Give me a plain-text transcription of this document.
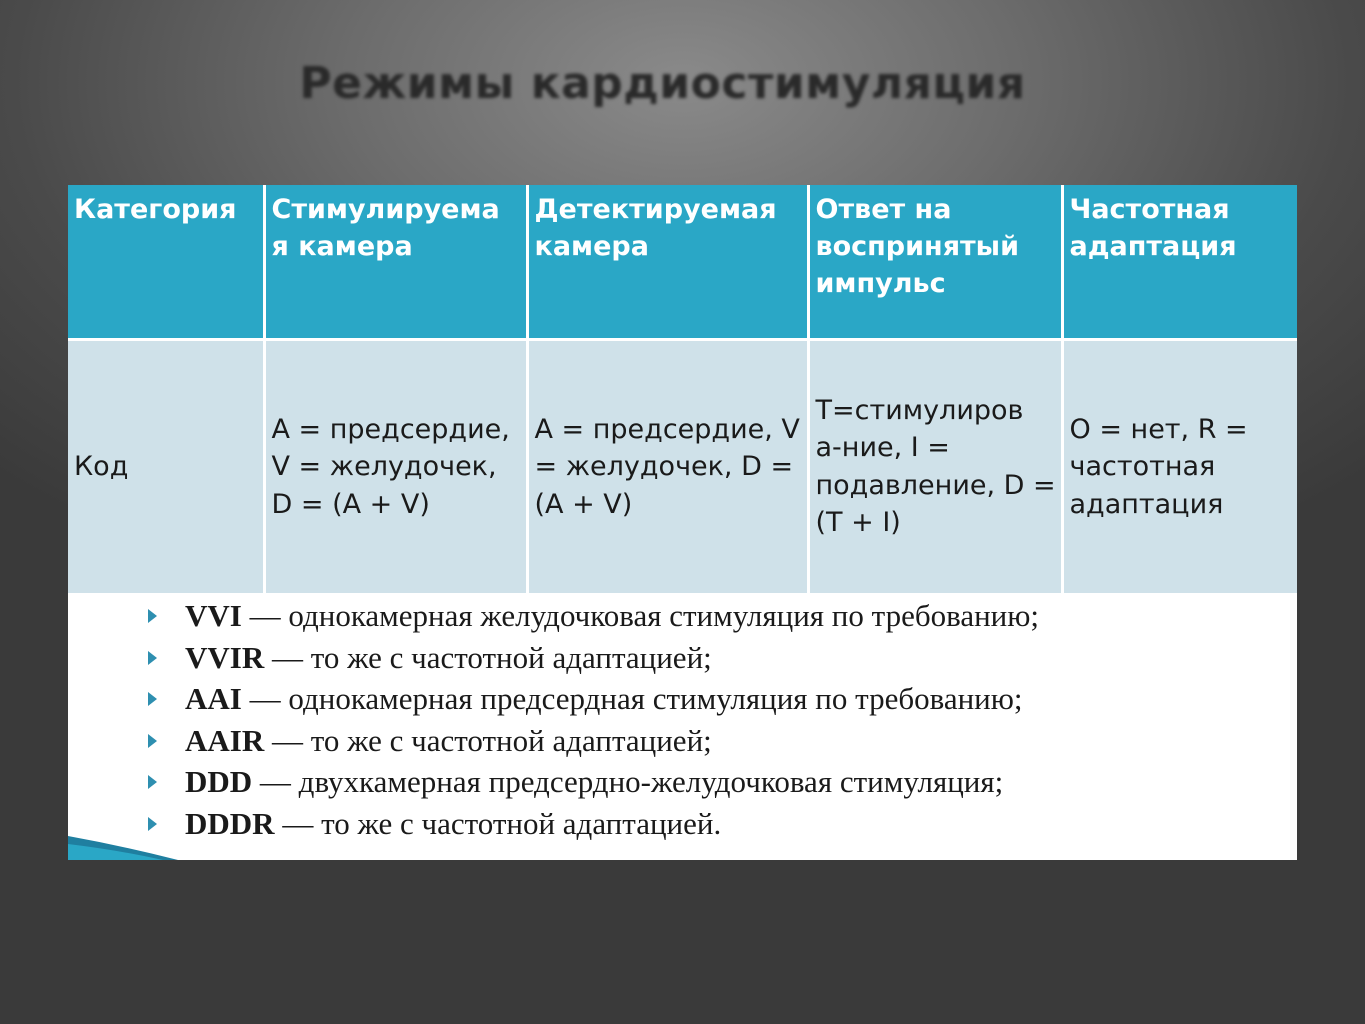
Режимы кардиостимуляция
Категория	Стимулируема я камера	Детектируемая камера	Ответ на воспринятый импульс	Частотная адаптация
Код	A = предсердие, V = желудочек, D = (A + V)	A = предсердие, V = желудочек, D = (A + V)	T=стимулиров а-ние, I = подавление, D = (T + I)	O = нет, R = частотная адаптация
VVI — однокамерная желудочковая стимуляция по требованию;
VVIR — то же с частотной адаптацией;
AAI — однокамерная предсердная стимуляция по требованию;
AAIR — то же с частотной адаптацией;
DDD — двухкамерная предсердно-желудочковая стимуляция;
DDDR — то же с частотной адаптацией.
